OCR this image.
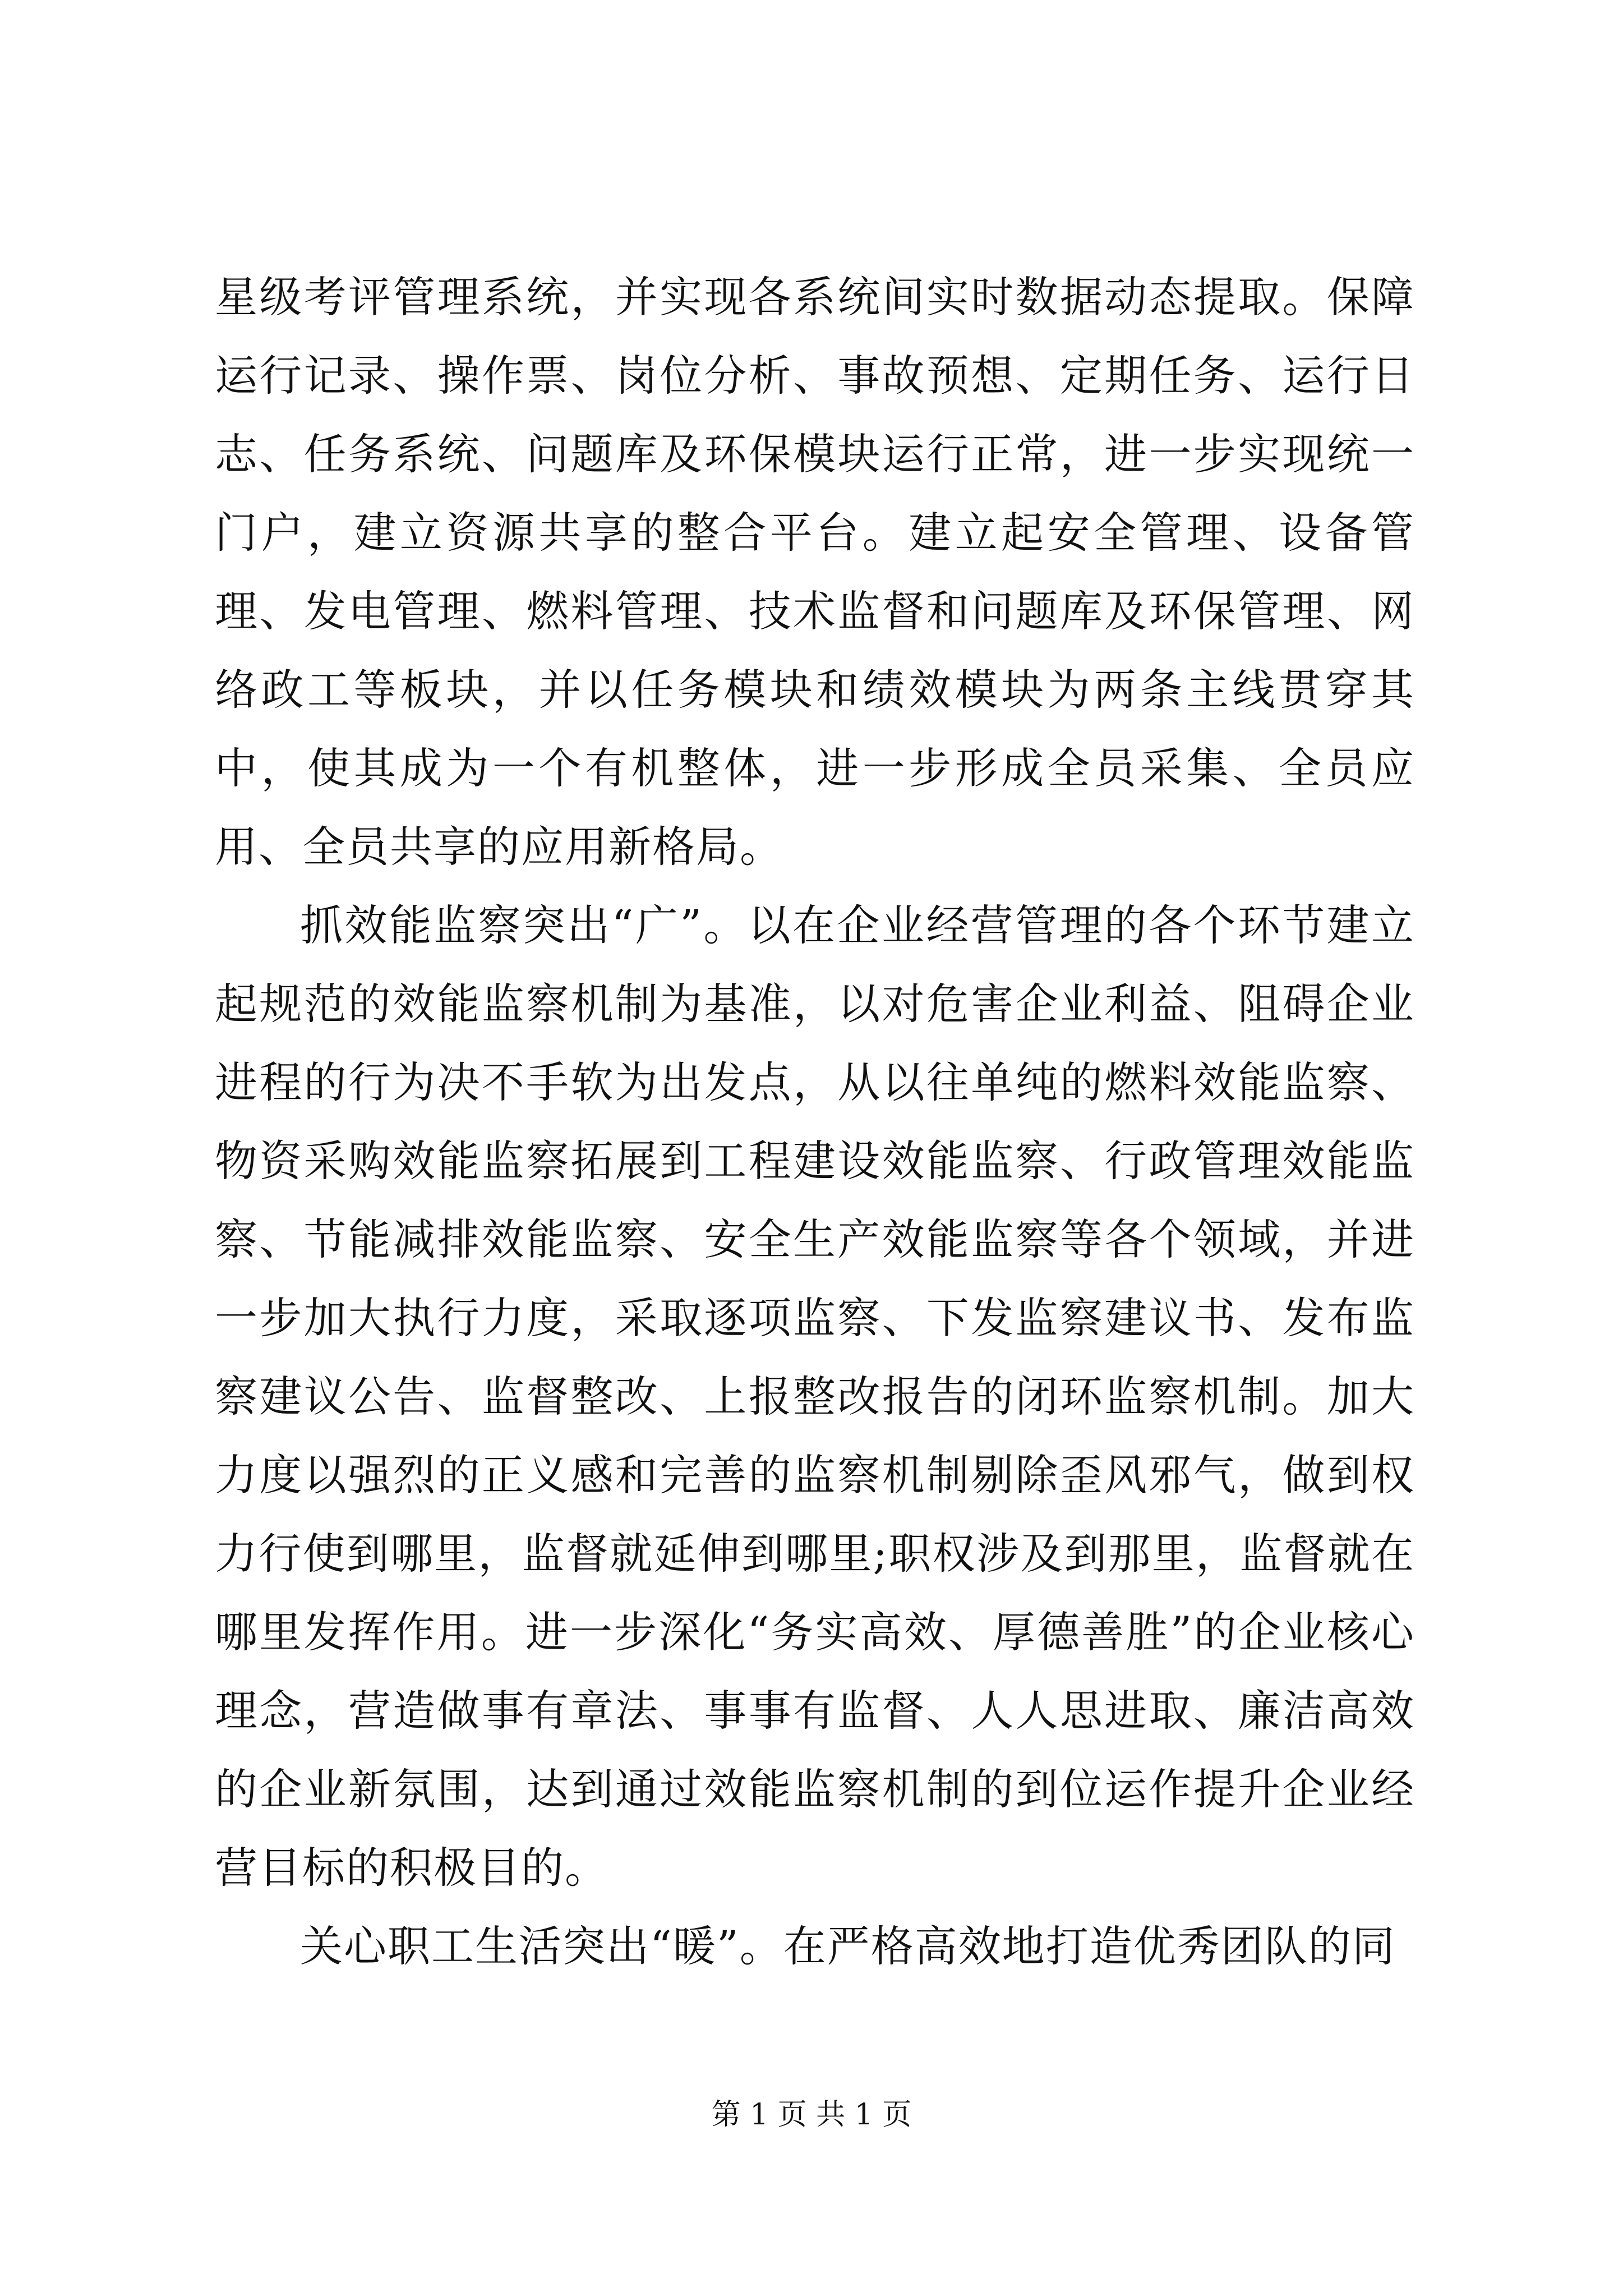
星级考评管理系统，并实现各系统间实时数据动态提取。保障运行记录、操作票、岗位分析、事故预想、定期任务、运行日志、任务系统、问题库及环保模块运行正常，进一步实现统一门户，建立资源共享的整合平台。建立起安全管理、设备管理、发电管理、燃料管理、技术监督和问题库及环保管理、网络政工等板块，并以任务模块和绩效模块为两条主线贯穿其中，使其成为一个有机整体，进一步形成全员采集、全员应用、全员共享的应用新格局。

抓效能监察突出“广”。以在企业经营管理的各个环节建立起规范的效能监察机制为基准，以对危害企业利益、阻碍企业进程的行为决不手软为出发点，从以往单纯的燃料效能监察、物资采购效能监察拓展到工程建设效能监察、行政管理效能监察、节能减排效能监察、安全生产效能监察等各个领域，并进一步加大执行力度，采取逐项监察、下发监察建议书、发布监察建议公告、监督整改、上报整改报告的闭环监察机制。加大力度以强烈的正义感和完善的监察机制剔除歪风邪气，做到权力行使到哪里，监督就延伸到哪里;职权涉及到那里，监督就在哪里发挥作用。进一步深化“务实高效、厚德善胜”的企业核心理念，营造做事有章法、事事有监督、人人思进取、廉洁高效的企业新氛围，达到通过效能监察机制的到位运作提升企业经营目标的积极目的。

关心职工生活突出“暖”。在严格高效地打造优秀团队的同

第 1 页 共 1 页
